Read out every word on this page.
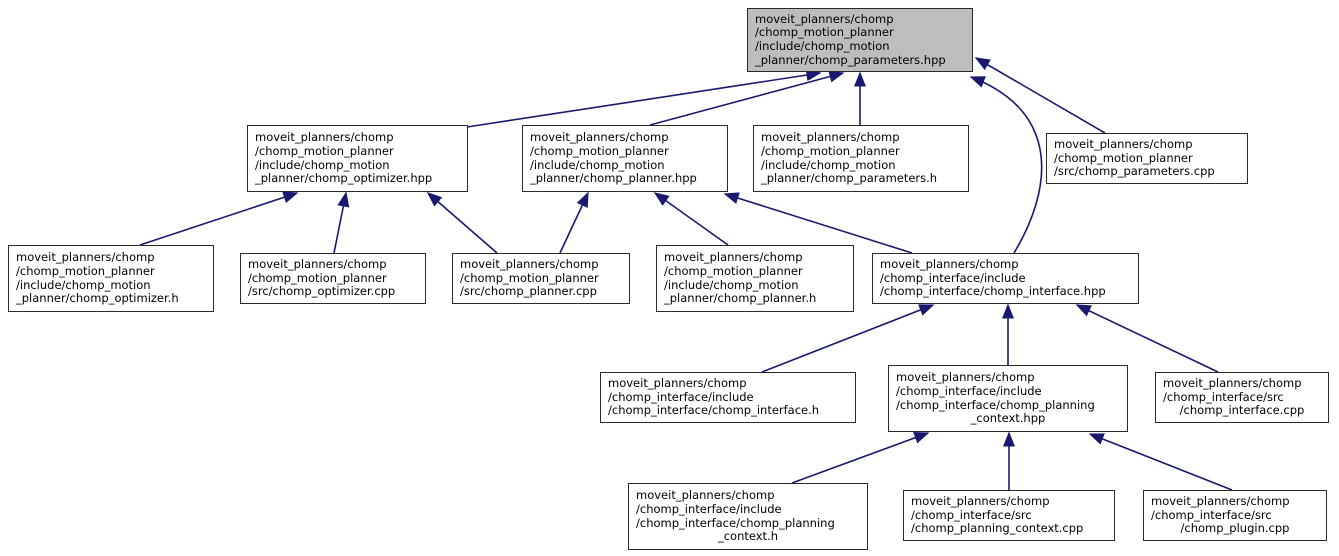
moveit_planners/chomp
/chomp_motion_planner
/include/chomp_motion
_planner/chomp_parameters.hpp
moveit_planners/chomp
/chomp_motion_planner
/include/chomp_motion
_planner/chomp_optimizer.hpp
moveit_planners/chomp
/chomp_motion_planner
/include/chomp_motion
_planner/chomp_planner.hpp
moveit_planners/chomp
/chomp_motion_planner
/include/chomp_motion
_planner/chomp_parameters.h
moveit_planners/chomp
/chomp_motion_planner
/src/chomp_parameters.cpp
moveit_planners/chomp
/chomp_motion_planner
/include/chomp_motion
_planner/chomp_optimizer.h
moveit_planners/chomp
/chomp_motion_planner
/src/chomp_optimizer.cpp
moveit_planners/chomp
/chomp_motion_planner
/src/chomp_planner.cpp
moveit_planners/chomp
/chomp_motion_planner
/include/chomp_motion
_planner/chomp_planner.h
moveit_planners/chomp
/chomp_interface/include
/chomp_interface/chomp_interface.hpp
moveit_planners/chomp
/chomp_interface/include
/chomp_interface/chomp_interface.h
moveit_planners/chomp
/chomp_interface/include
/chomp_interface/chomp_planning
_context.hpp
moveit_planners/chomp
/chomp_interface/src
/chomp_interface.cpp
moveit_planners/chomp
/chomp_interface/include
/chomp_interface/chomp_planning
_context.h
moveit_planners/chomp
/chomp_interface/src
/chomp_planning_context.cpp
moveit_planners/chomp
/chomp_interface/src
/chomp_plugin.cpp
